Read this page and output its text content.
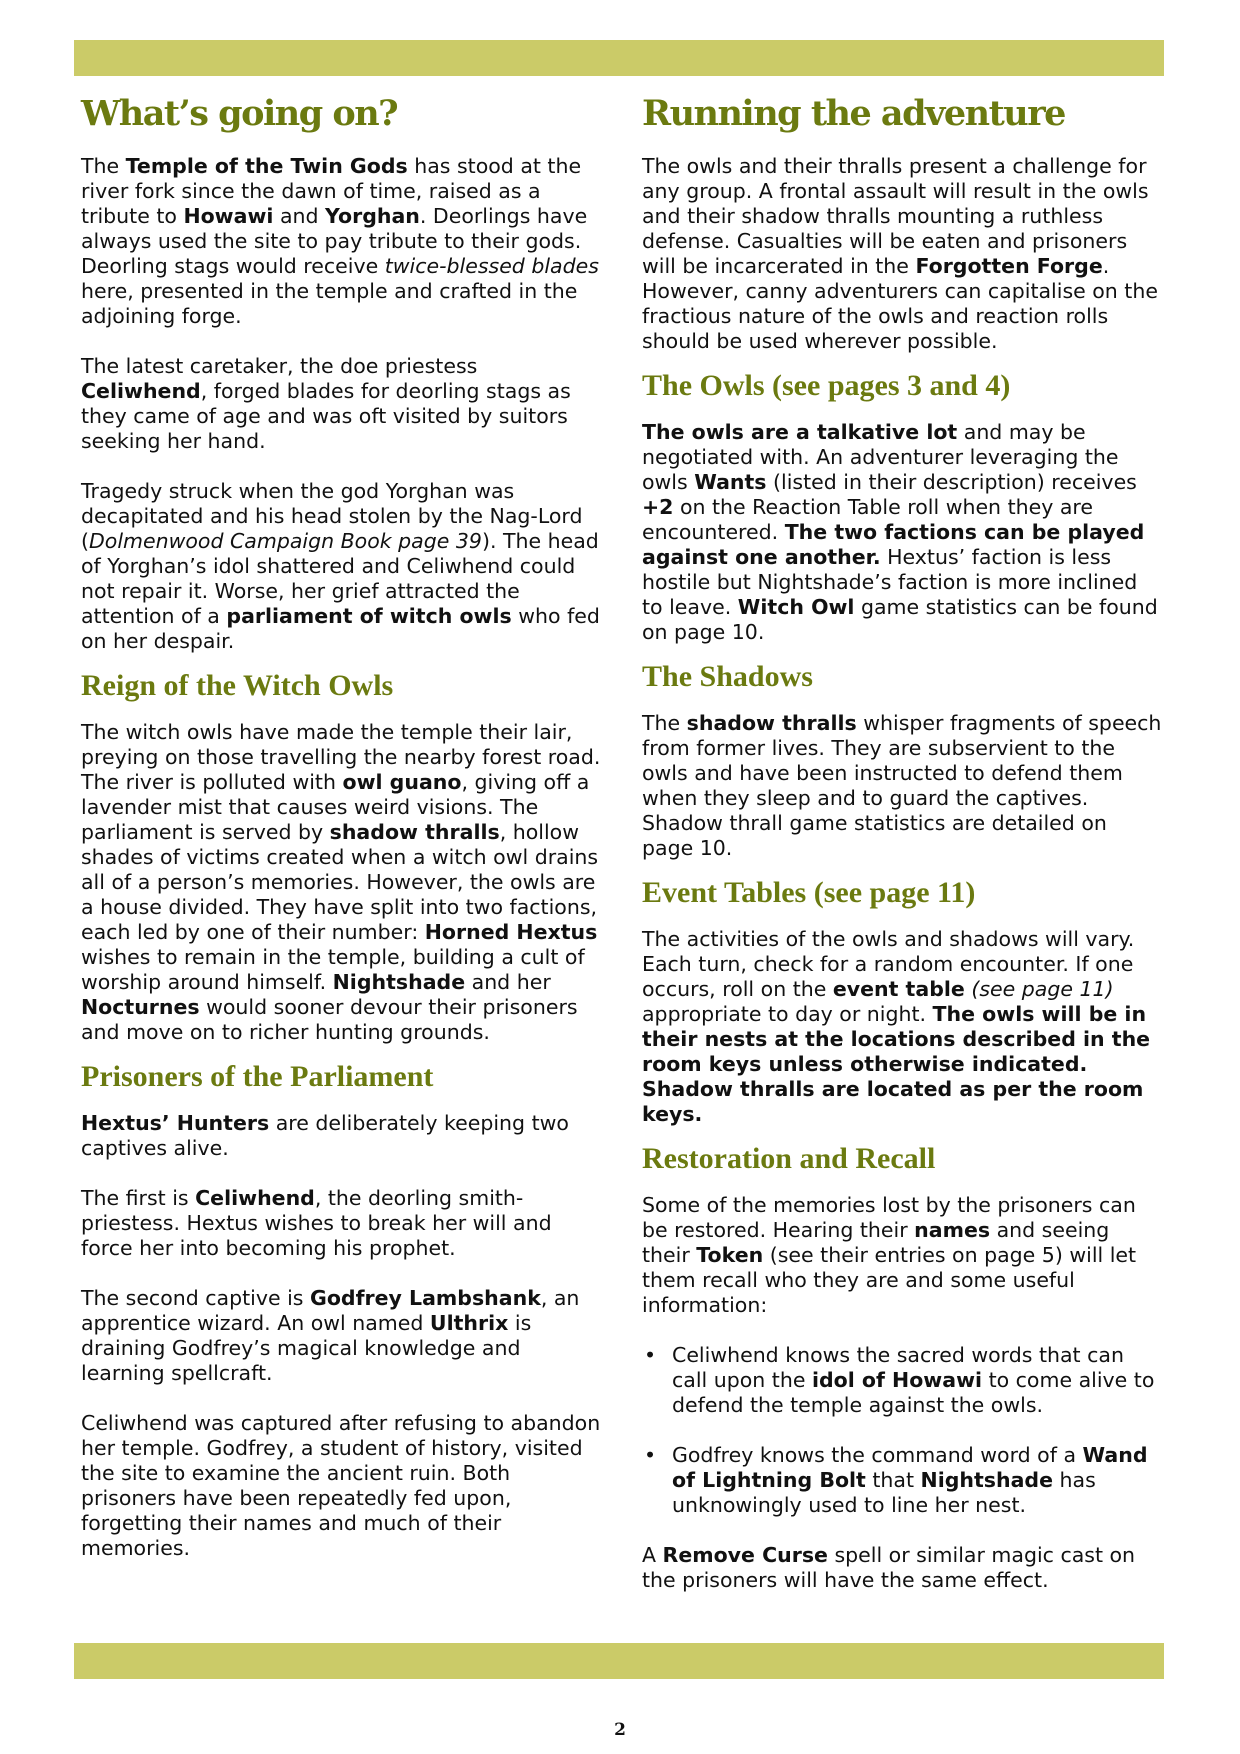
What’s going on?

The Temple of the Twin Gods has stood at the river fork since the dawn of time, raised as a tribute to Howawi and Yorghan. Deorlings have always used the site to pay tribute to their gods. Deorling stags would receive twice-blessed blades here, presented in the temple and crafted in the adjoining forge.

The latest caretaker, the doe priestess Celiwhend, forged blades for deorling stags as they came of age and was oft visited by suitors seeking her hand.

Tragedy struck when the god Yorghan was decapitated and his head stolen by the Nag-Lord (Dolmenwood Campaign Book page 39). The head of Yorghan’s idol shattered and Celiwhend could not repair it. Worse, her grief attracted the attention of a parliament of witch owls who fed on her despair.

Reign of the Witch Owls

The witch owls have made the temple their lair, preying on those travelling the nearby forest road. The river is polluted with owl guano, giving off a lavender mist that causes weird visions. The parliament is served by shadow thralls, hollow shades of victims created when a witch owl drains all of a person’s memories. However, the owls are a house divided. They have split into two factions, each led by one of their number: Horned Hextus wishes to remain in the temple, building a cult of worship around himself. Nightshade and her Nocturnes would sooner devour their prisoners and move on to richer hunting grounds.

Prisoners of the Parliament

Hextus’ Hunters are deliberately keeping two captives alive.

The first is Celiwhend, the deorling smith-priestess. Hextus wishes to break her will and force her into becoming his prophet.

The second captive is Godfrey Lambshank, an apprentice wizard. An owl named Ulthrix is draining Godfrey’s magical knowledge and learning spellcraft.

Celiwhend was captured after refusing to abandon her temple. Godfrey, a student of history, visited the site to examine the ancient ruin. Both prisoners have been repeatedly fed upon, forgetting their names and much of their memories.

Running the adventure

The owls and their thralls present a challenge for any group. A frontal assault will result in the owls and their shadow thralls mounting a ruthless defense. Casualties will be eaten and prisoners will be incarcerated in the Forgotten Forge. However, canny adventurers can capitalise on the fractious nature of the owls and reaction rolls should be used wherever possible.

The Owls (see pages 3 and 4)

The owls are a talkative lot and may be negotiated with. An adventurer leveraging the owls Wants (listed in their description) receives +2 on the Reaction Table roll when they are encountered. The two factions can be played against one another. Hextus’ faction is less hostile but Nightshade’s faction is more inclined to leave. Witch Owl game statistics can be found on page 10.

The Shadows

The shadow thralls whisper fragments of speech from former lives. They are subservient to the owls and have been instructed to defend them when they sleep and to guard the captives. Shadow thrall game statistics are detailed on page 10.

Event Tables (see page 11)

The activities of the owls and shadows will vary. Each turn, check for a random encounter. If one occurs, roll on the event table (see page 11) appropriate to day or night. The owls will be in their nests at the locations described in the room keys unless otherwise indicated. Shadow thralls are located as per the room keys.

Restoration and Recall

Some of the memories lost by the prisoners can be restored. Hearing their names and seeing their Token (see their entries on page 5) will let them recall who they are and some useful information:

• Celiwhend knows the sacred words that can call upon the idol of Howawi to come alive to defend the temple against the owls.
• Godfrey knows the command word of a Wand of Lightning Bolt that Nightshade has unknowingly used to line her nest.

A Remove Curse spell or similar magic cast on the prisoners will have the same effect.

2
